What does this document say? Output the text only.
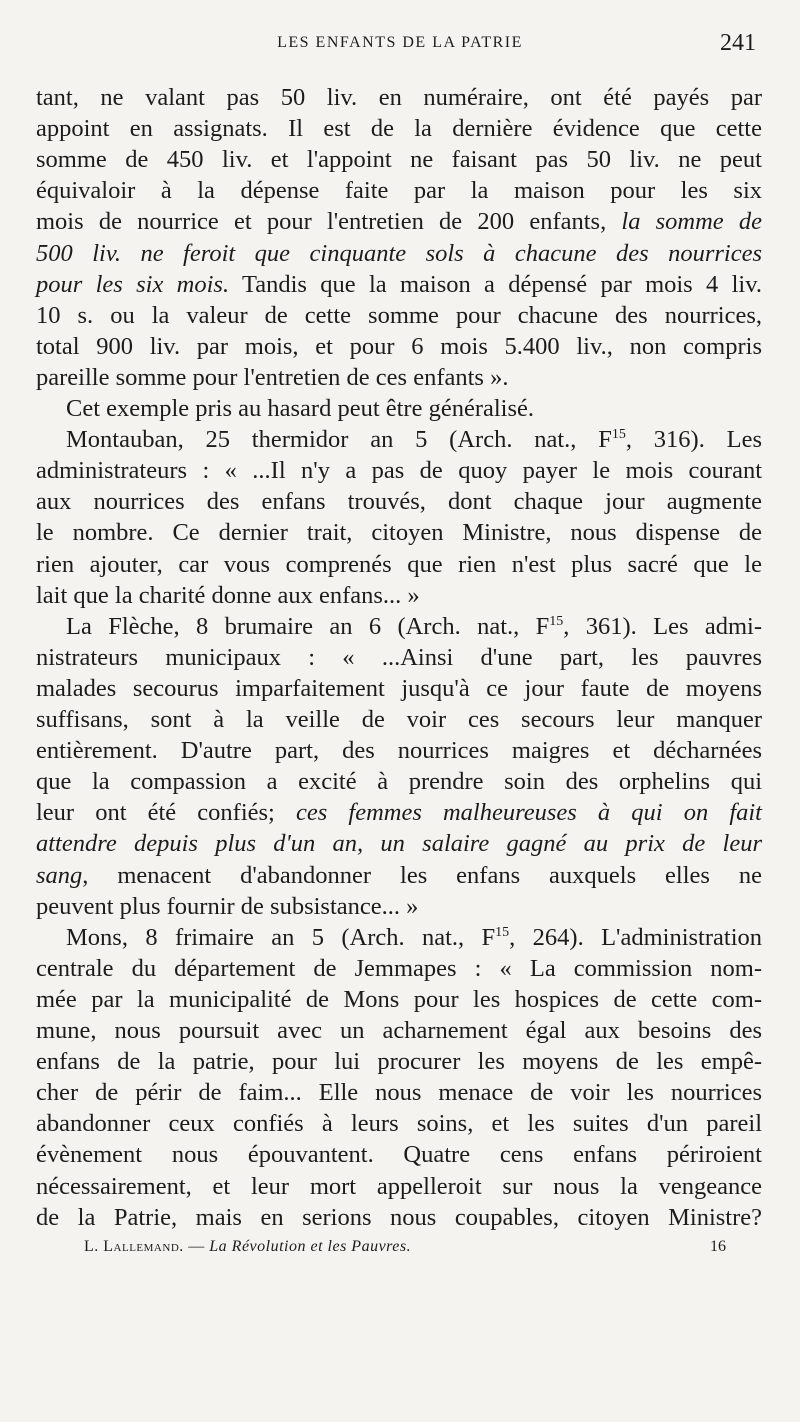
LES ENFANTS DE LA PATRIE	241
tant, ne valant pas 50 liv. en numéraire, ont été payés par
appoint en assignats. Il est de la dernière évidence que cette
somme de 450 liv. et l'appoint ne faisant pas 50 liv. ne peut
équivaloir à la dépense faite par la maison pour les six
mois de nourrice et pour l'entretien de 200 enfants, la somme de
500 liv. ne feroit que cinquante sols à chacune des nourrices
pour les six mois. Tandis que la maison a dépensé par mois 4 liv.
10 s. ou la valeur de cette somme pour chacune des nourrices,
total 900 liv. par mois, et pour 6 mois 5.400 liv., non compris
pareille somme pour l'entretien de ces enfants ».
Cet exemple pris au hasard peut être généralisé.
Montauban, 25 thermidor an 5 (Arch. nat., $F^{15}$, 316). Les
administrateurs : « ...Il n'y a pas de quoy payer le mois courant
aux nourrices des enfans trouvés, dont chaque jour augmente
le nombre. Ce dernier trait, citoyen Ministre, nous dispense de
rien ajouter, car vous comprenés que rien n'est plus sacré que le
lait que la charité donne aux enfans... »
La Flèche, 8 brumaire an 6 (Arch. nat., $F^{15}$, 361). Les admi-
nistrateurs municipaux : « ...Ainsi d'une part, les pauvres
malades secourus imparfaitement jusqu'à ce jour faute de moyens
suffisans, sont à la veille de voir ces secours leur manquer
entièrement. D'autre part, des nourrices maigres et décharnées
que la compassion a excité à prendre soin des orphelins qui
leur ont été confiés; ces femmes malheureuses à qui on fait
attendre depuis plus d'un an, un salaire gagné au prix de leur
sang, menacent d'abandonner les enfans auxquels elles ne
peuvent plus fournir de subsistance... »
Mons, 8 frimaire an 5 (Arch. nat., $F^{15}$, 264). L'administration
centrale du département de Jemmapes : « La commission nom-
mée par la municipalité de Mons pour les hospices de cette com-
mune, nous poursuit avec un acharnement égal aux besoins des
enfans de la patrie, pour lui procurer les moyens de les empê-
cher de périr de faim... Elle nous menace de voir les nourrices
abandonner ceux confiés à leurs soins, et les suites d'un pareil
évènement nous épouvantent. Quatre cens enfans périroient
nécessairement, et leur mort appelleroit sur nous la vengeance
de la Patrie, mais en serions nous coupables, citoyen Ministre?
L. Lallemand. — La Révolution et les Pauvres.	16
